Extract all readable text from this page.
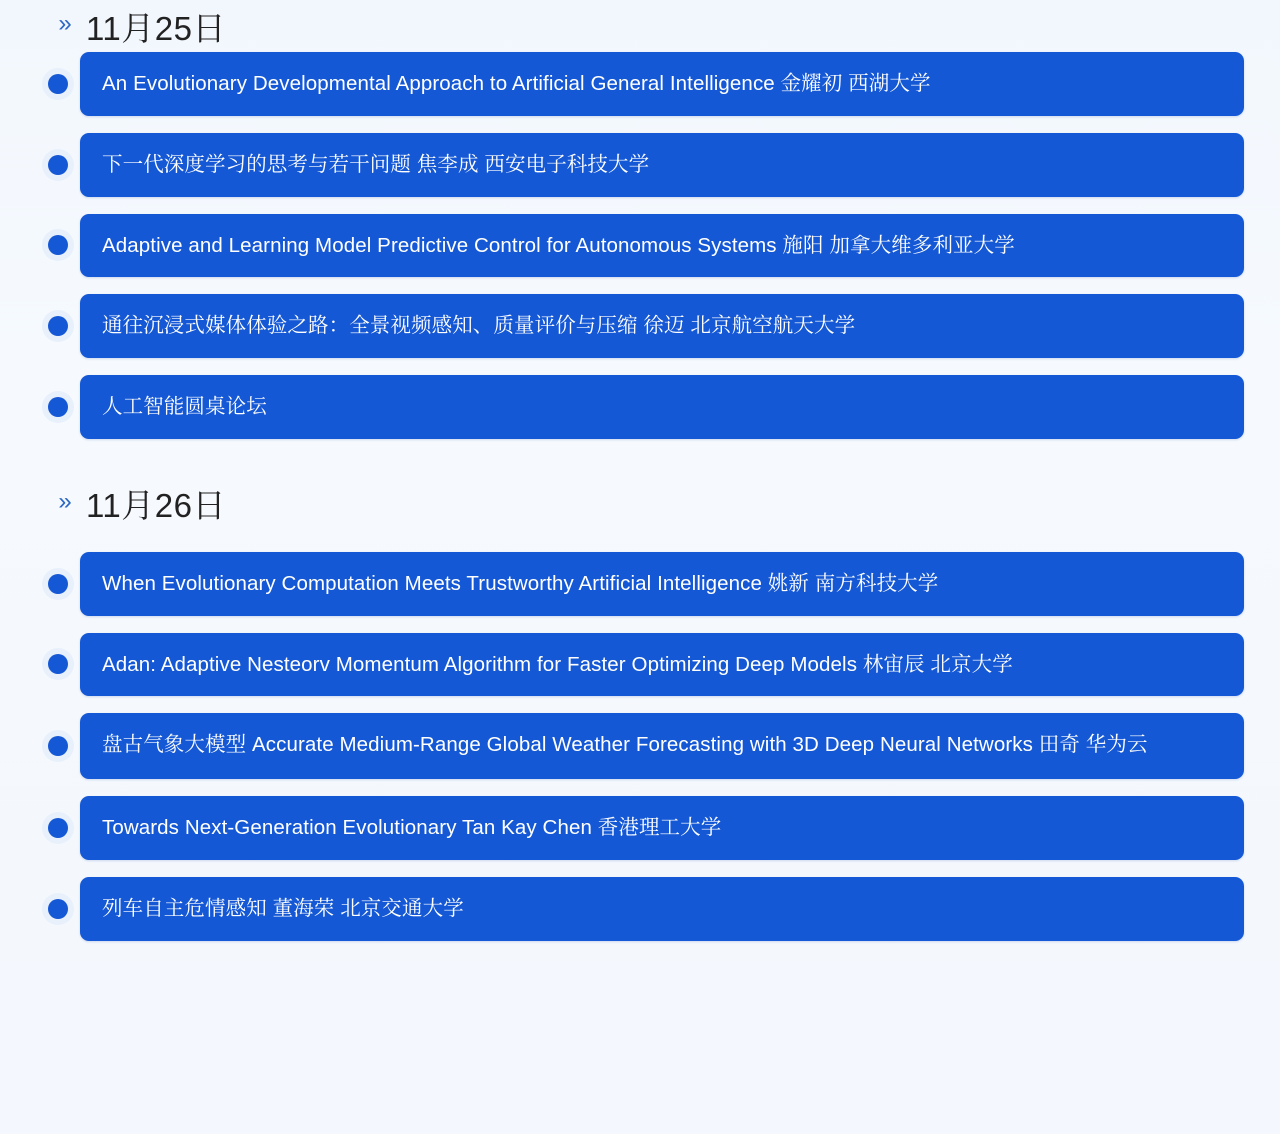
» 11月25日
An Evolutionary Developmental Approach to Artificial General Intelligence 金耀初 西湖大学
下一代深度学习的思考与若干问题 焦李成 西安电子科技大学
Adaptive and Learning Model Predictive Control for Autonomous Systems 施阳 加拿大维多利亚大学
通往沉浸式媒体体验之路：全景视频感知、质量评价与压缩 徐迈 北京航空航天大学
人工智能圆桌论坛
» 11月26日
When Evolutionary Computation Meets Trustworthy Artificial Intelligence 姚新 南方科技大学
Adan: Adaptive Nesteorv Momentum Algorithm for Faster Optimizing Deep Models 林宙辰 北京大学
盘古气象大模型 Accurate Medium-Range Global Weather Forecasting with 3D Deep Neural Networks 田奇 华为云
Towards Next-Generation Evolutionary Tan Kay Chen 香港理工大学
列车自主危情感知 董海荣 北京交通大学
